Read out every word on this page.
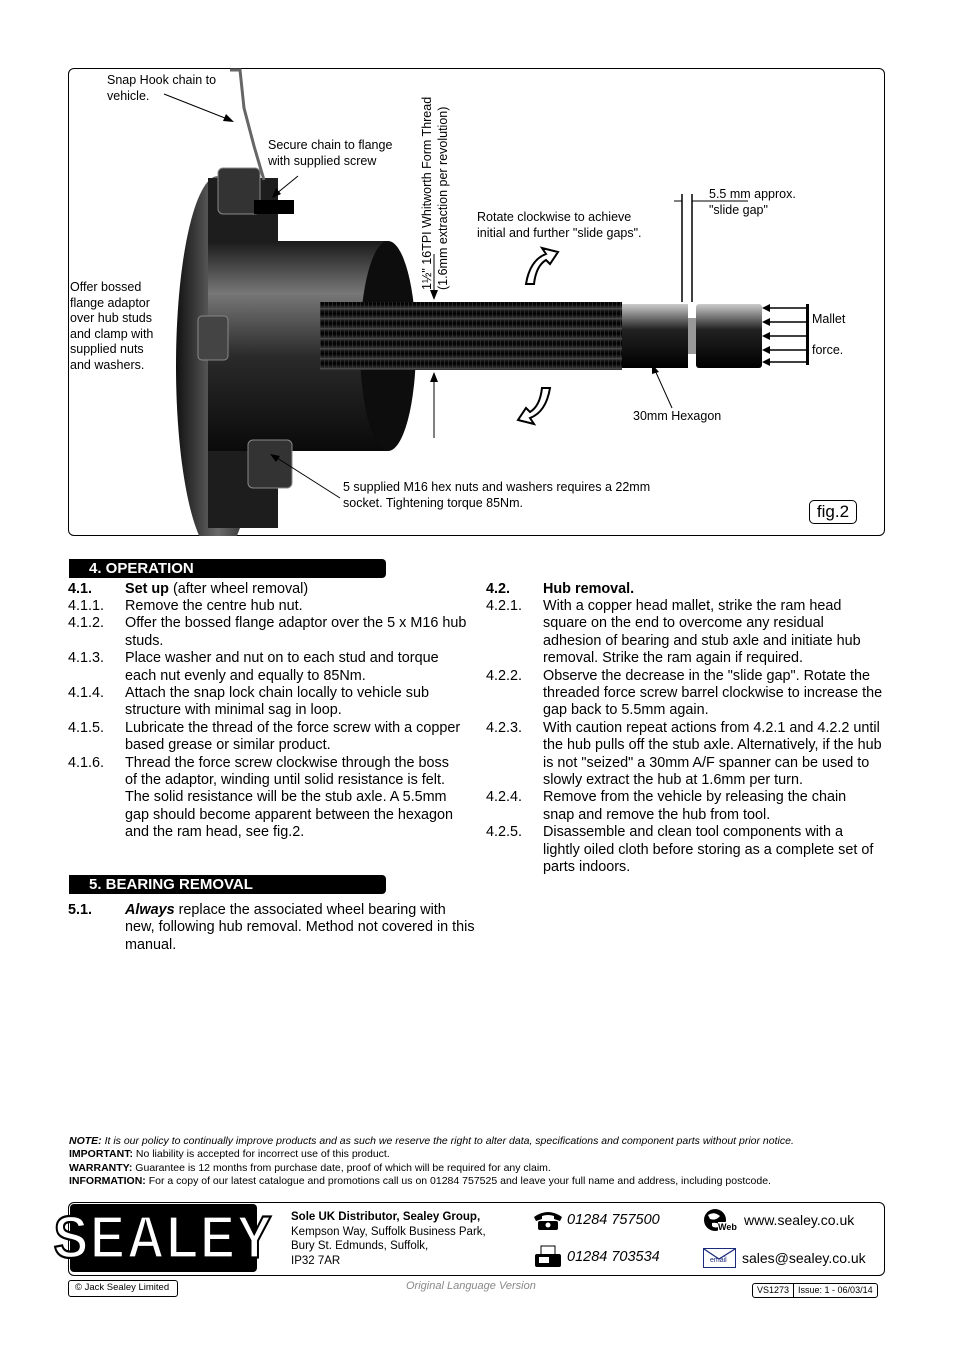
Snap Hook chain to
vehicle.
Secure chain to flange
with supplied screw	1½" 16TPI Whitworth Form Thread (1.6mm extraction per revolution)	5.5 mm approx.
"slide gap"
Rotate clockwise to achieve
initial and further "slide gaps".
Offer bossed
flange adaptor
over hub studs
and clamp with
supplied nuts
and washers.
Mallet
force.
30mm Hexagon
5 supplied M16 hex nuts and washers requires a 22mm
socket. Tightening torque 85Nm.	fig.2
4. OPERATION
4.1. Set up (after wheel removal)
4.1.1. Remove the centre hub nut.
4.1.2. Offer the bossed flange adaptor over the 5 x M16 hub
studs.
4.1.3. Place washer and nut on to each stud and torque
each nut evenly and equally to 85Nm.
4.1.4. Attach the snap lock chain locally to vehicle sub
structure with minimal sag in loop.
4.1.5. Lubricate the thread of the force screw with a copper
based grease or similar product.
4.1.6. Thread the force screw clockwise through the boss
of the adaptor, winding until solid resistance is felt.
The solid resistance will be the stub axle. A 5.5mm
gap should become apparent between the hexagon
and the ram head, see fig.2.
4.2. Hub removal.
4.2.1. With a copper head mallet, strike the ram head
square on the end to overcome any residual
adhesion of bearing and stub axle and initiate hub
removal. Strike the ram again if required.
4.2.2. Observe the decrease in the "slide gap". Rotate the
threaded force screw barrel clockwise to increase the
gap back to 5.5mm again.
4.2.3. With caution repeat actions from 4.2.1 and 4.2.2 until
the hub pulls off the stub axle. Alternatively, if the hub
is not "seized" a 30mm A/F spanner can be used to
slowly extract the hub at 1.6mm per turn.
4.2.4. Remove from the vehicle by releasing the chain
snap and remove the hub from tool.
4.2.5. Disassemble and clean tool components with a
lightly oiled cloth before storing as a complete set of
parts indoors.
5. BEARING REMOVAL
5.1. Always replace the associated wheel bearing with
new, following hub removal. Method not covered in this
manual.
NOTE: It is our policy to continually improve products and as such we reserve the right to alter data, specifications and component parts without prior notice.
IMPORTANT: No liability is accepted for incorrect use of this product.
WARRANTY: Guarantee is 12 months from purchase date, proof of which will be required for any claim.
INFORMATION: For a copy of our latest catalogue and promotions call us on 01284 757525 and leave your full name and address, including postcode.
SEALEY Sole UK Distributor, Sealey Group,
Kempson Way, Suffolk Business Park,
Bury St. Edmunds, Suffolk,
IP32 7AR
01284 757500
01284 703534
Web www.sealey.co.uk
email sales@sealey.co.uk
© Jack Sealey Limited	Original Language Version	VS1273	Issue: 1 - 06/03/14
